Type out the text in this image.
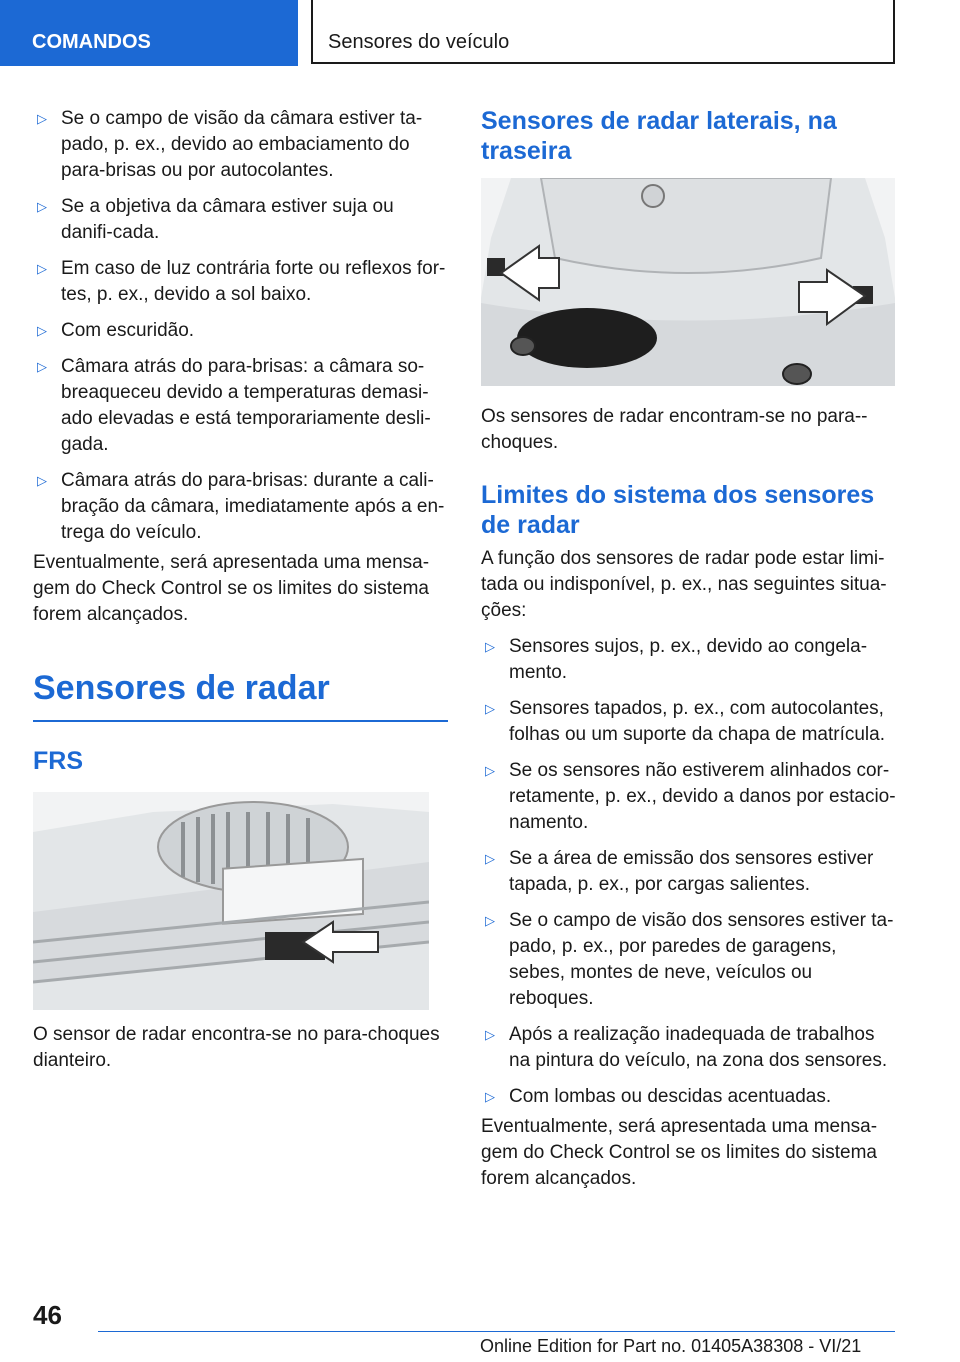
COMANDOS	Sensores do veículo
▷ Se o campo de visão da câmara estiver ta-pado, p. ex., devido ao embaciamento do para-brisas ou por autocolantes.
▷ Se a objetiva da câmara estiver suja ou danifi-cada.
▷ Em caso de luz contrária forte ou reflexos for-tes, p. ex., devido a sol baixo.
▷ Com escuridão.
▷ Câmara atrás do para-brisas: a câmara so-breaqueceu devido a temperaturas demasi-ado elevadas e está temporariamente desli-gada.
▷ Câmara atrás do para-brisas: durante a cali-bração da câmara, imediatamente após a en-trega do veículo.

Eventualmente, será apresentada uma mensa-gem do Check Control se os limites do sistema forem alcançados.

Sensores de radar
FRS

O sensor de radar encontra-se no para-choques dianteiro.

Sensores de radar laterais, na traseira

Os sensores de radar encontram-se no para--choques.

Limites do sistema dos sensores de radar

A função dos sensores de radar pode estar limi-tada ou indisponível, p. ex., nas seguintes situa-ções:

▷ Sensores sujos, p. ex., devido ao congela-mento.
▷ Sensores tapados, p. ex., com autocolantes, folhas ou um suporte da chapa de matrícula.
▷ Se os sensores não estiverem alinhados cor-retamente, p. ex., devido a danos por estacio-namento.
▷ Se a área de emissão dos sensores estiver tapada, p. ex., por cargas salientes.
▷ Se o campo de visão dos sensores estiver ta-pado, p. ex., por paredes de garagens, sebes, montes de neve, veículos ou reboques.
▷ Após a realização inadequada de trabalhos na pintura do veículo, na zona dos sensores.
▷ Com lombas ou descidas acentuadas.

Eventualmente, será apresentada uma mensa-gem do Check Control se os limites do sistema forem alcançados.

46
Online Edition for Part no. 01405A38308 - VI/21
